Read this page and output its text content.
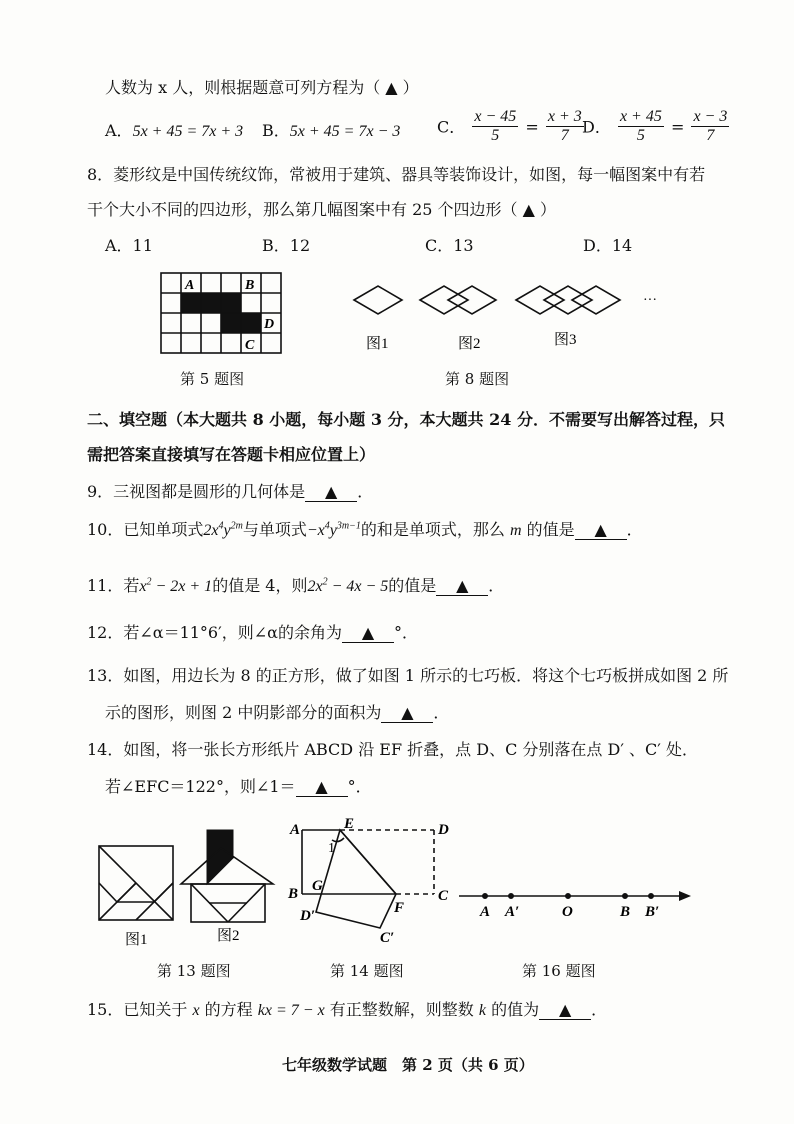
人数为 x 人，则根据题意可列方程为（ ▲ ）
A．5x + 45 = 7x + 3 B．5x + 45 = 7x − 3 C． $\frac{x - 45}{5} = \frac{x + 3}{7}$
D． $\frac{x + 45}{5} = \frac{x - 3}{7}$
8．菱形纹是中国传统纹饰，常被用于建筑、器具等装饰设计，如图，每一幅图案中有若
干个大小不同的四边形，那么第几幅图案中有 25 个四边形（ ▲ ）
A．11	B．12	C．13	D．14
A	B
C
D
第 5 题图
···
图1	图2	图3
第 8 题图
二、填空题（本大题共 8 小题，每小题 3 分，本大题共 24 分．不需要写出解答过程，只
需把答案直接填写在答题卡相应位置上）
9．三视图都是圆形的几何体是 ▲ ．
10．已知单项式$2x^4y^{2m}$与单项式$-x^4y^{3m-1}$的和是单项式，那么 m 的值是 ▲ ．
11．若$x^2 - 2x + 1$的值是 4，则$2x^2 - 4x - 5$的值是 ▲ ．
12．若∠α＝11°6′，则∠α的余角为 ▲ °．
13．如图，用边长为 8 的正方形，做了如图 1 所示的七巧板．将这个七巧板拼成如图 2 所
示的图形，则图 2 中阴影部分的面积为 ▲ ．
14．如图，将一张长方形纸片 ABCD 沿 EF 折叠，点 D、C 分别落在点 D′ 、C′ 处．
若∠EFC＝122°，则∠1＝ ▲ °．
图1	图2
第 13 题图
A	E	D
1
B G
C
D′	F
C′
第 14 题图
A A′	O	B B′
第 16 题图
15．已知关于 x 的方程 kx = 7 − x 有正整数解，则整数 k 的值为 ▲ ．
七年级数学试题　第 2 页（共 6 页）
